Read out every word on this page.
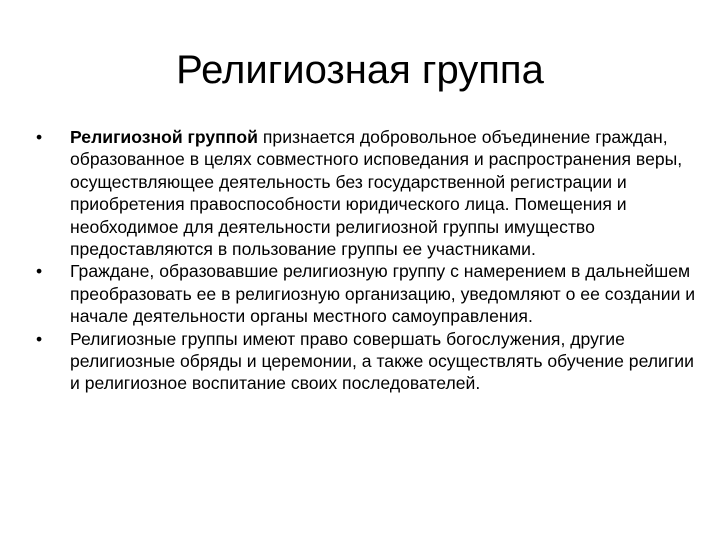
Религиозная группа
•	Религиозной группой признается добровольное объединение граждан, образованное в целях совместного исповедания и распространения веры, осуществляющее деятельность без государственной регистрации и приобретения правоспособности юридического лица. Помещения и необходимое для деятельности религиозной группы имущество предоставляются в пользование группы ее участниками.
•	Граждане, образовавшие религиозную группу с намерением в дальнейшем преобразовать ее в религиозную организацию, уведомляют о ее создании и начале деятельности органы местного самоуправления.
•	Религиозные группы имеют право совершать богослужения, другие религиозные обряды и церемонии, а также осуществлять обучение религии и религиозное воспитание своих последователей.
